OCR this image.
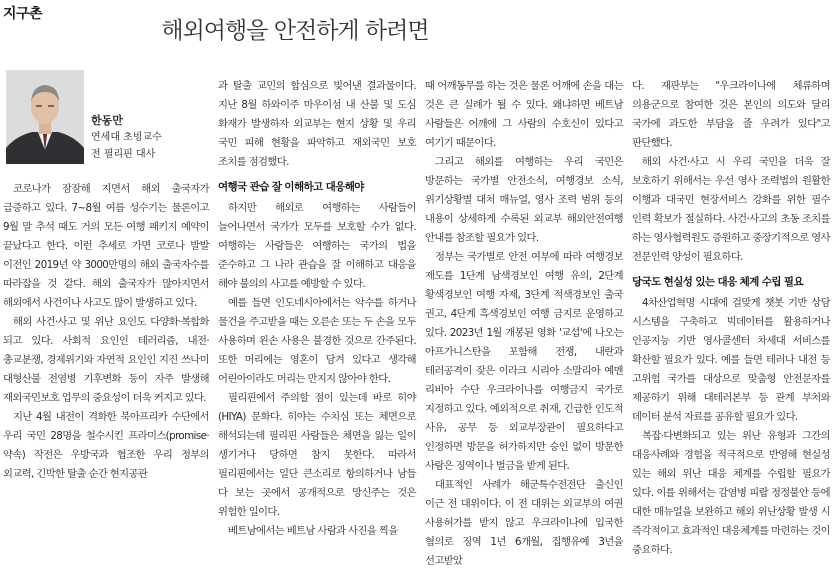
지구촌
해외여행을 안전하게 하려면
한동만
연세대 초빙교수
전 필리핀 대사

코로나가 잠잠해 지면서 해외 출국자가 급증하고 있다. 7~8월 여름 성수기는 물론이고 9월 말 추석 때도 거의 모든 여행 패키지 예약이 끝났다고 한다. 이런 추세로 가면 코로나 발발 이전인 2019년 약 3000만명의 해외 출국자수를 따라잡을 것 같다. 해외 출국자가 많아지면서 해외에서 사건이나 사고도 많이 발생하고 있다.

해외 사건·사고 및 위난 요인도 다양화·복합화 되고 있다. 사회적 요인인 테러리즘, 내전·총교분쟁, 경제위기와 자연적 요인인 지진 쓰나미 대형산불 전염병 기후변화 등이 자주 발생해 재외국민보호 업무의 중요성이 더욱 커지고 있다.

지난 4월 내전이 격화한 북아프리카 수단에서 우리 국민 28명을 철수시킨 프라미스(promise·약속) 작전은 우방국과 협조한 우리 정부의 외교력, 긴박한 탈출 순간 현지공관

과 탈출 교민의 합심으로 빚어낸 결과물이다. 지난 8월 하와이주 마우이섬 내 산불 및 도심 화재가 발생하자 외교부는 현지 상황 및 우리 국민 피해 현황을 파악하고 재외국민 보호 조치를 점검했다.

여행국 관습 잘 이해하고 대응해야

하지만 해외로 여행하는 사람들이 늘어나면서 국가가 모두를 보호할 수가 없다. 여행하는 사람들은 여행하는 국가의 법을 준수하고 그 나라 관습을 잘 이해하고 대응을 해야 불의의 사고를 예방할 수 있다.

예를 들면 인도네시아에서는 악수를 하거나 물건을 주고받을 때는 오른손 또는 두 손을 모두 사용하며 왼손 사용은 불경한 것으로 간주된다. 또한 머리에는 영혼이 담겨 있다고 생각해 어린아이라도 머리는 만지지 않아야 한다.

필리핀에서 주의할 점이 있는데 바로 히야(HIYA) 문화다. 히야는 수치심 또는 체면으로 해석되는데 필리핀 사람들은 체면을 잃는 일이 생기거나 당하면 참지 못한다. 따라서 필리핀에서는 일단 큰소리로 항의하거나 남들 다 보는 곳에서 공개적으로 망신주는 것은 위험한 일이다.

베트남에서는 베트남 사람과 사진을 찍을

때 어깨동무를 하는 것은 물론 어깨에 손을 대는 것은 큰 실례가 될 수 있다. 왜냐하면 베트남 사람들은 어깨에 그 사람의 수호신이 있다고 여기기 때문이다.

그리고 해외를 여행하는 우리 국민은 방문하는 국가별 안전소식, 여행경보 소식, 위기상황별 대처 매뉴얼, 영사 조력 범위 등의 내용이 상세하게 수록된 외교부 해외안전여행 안내를 참조할 필요가 있다.

정부는 국가별로 안전 여부에 따라 여행경보 제도를 1단계 남색경보인 여행 유의, 2단계 황색경보인 여행 자제, 3단계 적색경보인 출국 권고, 4단계 흑색경보인 여행 금지로 운영하고 있다. 2023년 1월 개봉된 영화 '교섭'에 나오는 아프가니스탄을 포함해 전쟁, 내란과 테러공격이 잦은 이라크 시리아 소말리아 예멘 리비아 수단 우크라이나를 여행금지 국가로 지정하고 있다. 예외적으로 취재, 긴급한 인도적 사유, 공무 등 외교부장관이 필요하다고 인정하면 방문을 허가하지만 승인 없이 방문한 사람은 징역이나 벌금을 받게 된다.

대표적인 사례가 해군특수전전단 출신인 이근 전 대위이다. 이 전 대위는 외교부의 여권 사용허가를 받지 않고 우크라이나에 입국한 혐의로 징역 1년 6개월, 집행유예 3년을 선고받았

다. 재판부는 "우크라이나에 체류하며 의용군으로 참여한 것은 본인의 의도와 달리 국가에 과도한 부담을 줄 우려가 있다"고 판단했다.

해외 사건·사고 시 우리 국민을 더욱 잘 보호하기 위해서는 우선 영사 조력법의 원활한 이행과 대국민 현장서비스 강화를 위한 필수 인력 확보가 절실하다. 사건·사고의 초동 조치를 하는 영사협력원도 증원하고 중장기적으로 영사 전문인력 양성이 필요하다.

당국도 현실성 있는 대응 체계 수립 필요

4차산업혁명 시대에 걸맞게 챗봇 기반 상담 시스템을 구축하고 빅데이터를 활용하거나 인공지능 기반 영사콜센터 차세대 서비스를 확산할 필요가 있다. 예를 들면 테러나 내전 등 고위험 국가를 대상으로 맞춤형 안전문자를 제공하기 위해 대테러본부 등 관계 부처와 데이터 분석 자료를 공유할 필요가 있다.

복잡·다변화되고 있는 위난 유형과 그간의 대응사례와 경험을 적극적으로 반영해 현실성 있는 해외 위난 대응 체계를 수립할 필요가 있다. 이를 위해서는 감염병 피랍 정정불안 등에 대한 매뉴얼을 보완하고 해외 위난상황 발생 시 즉각적이고 효과적인 대응체계를 마련하는 것이 중요하다.
